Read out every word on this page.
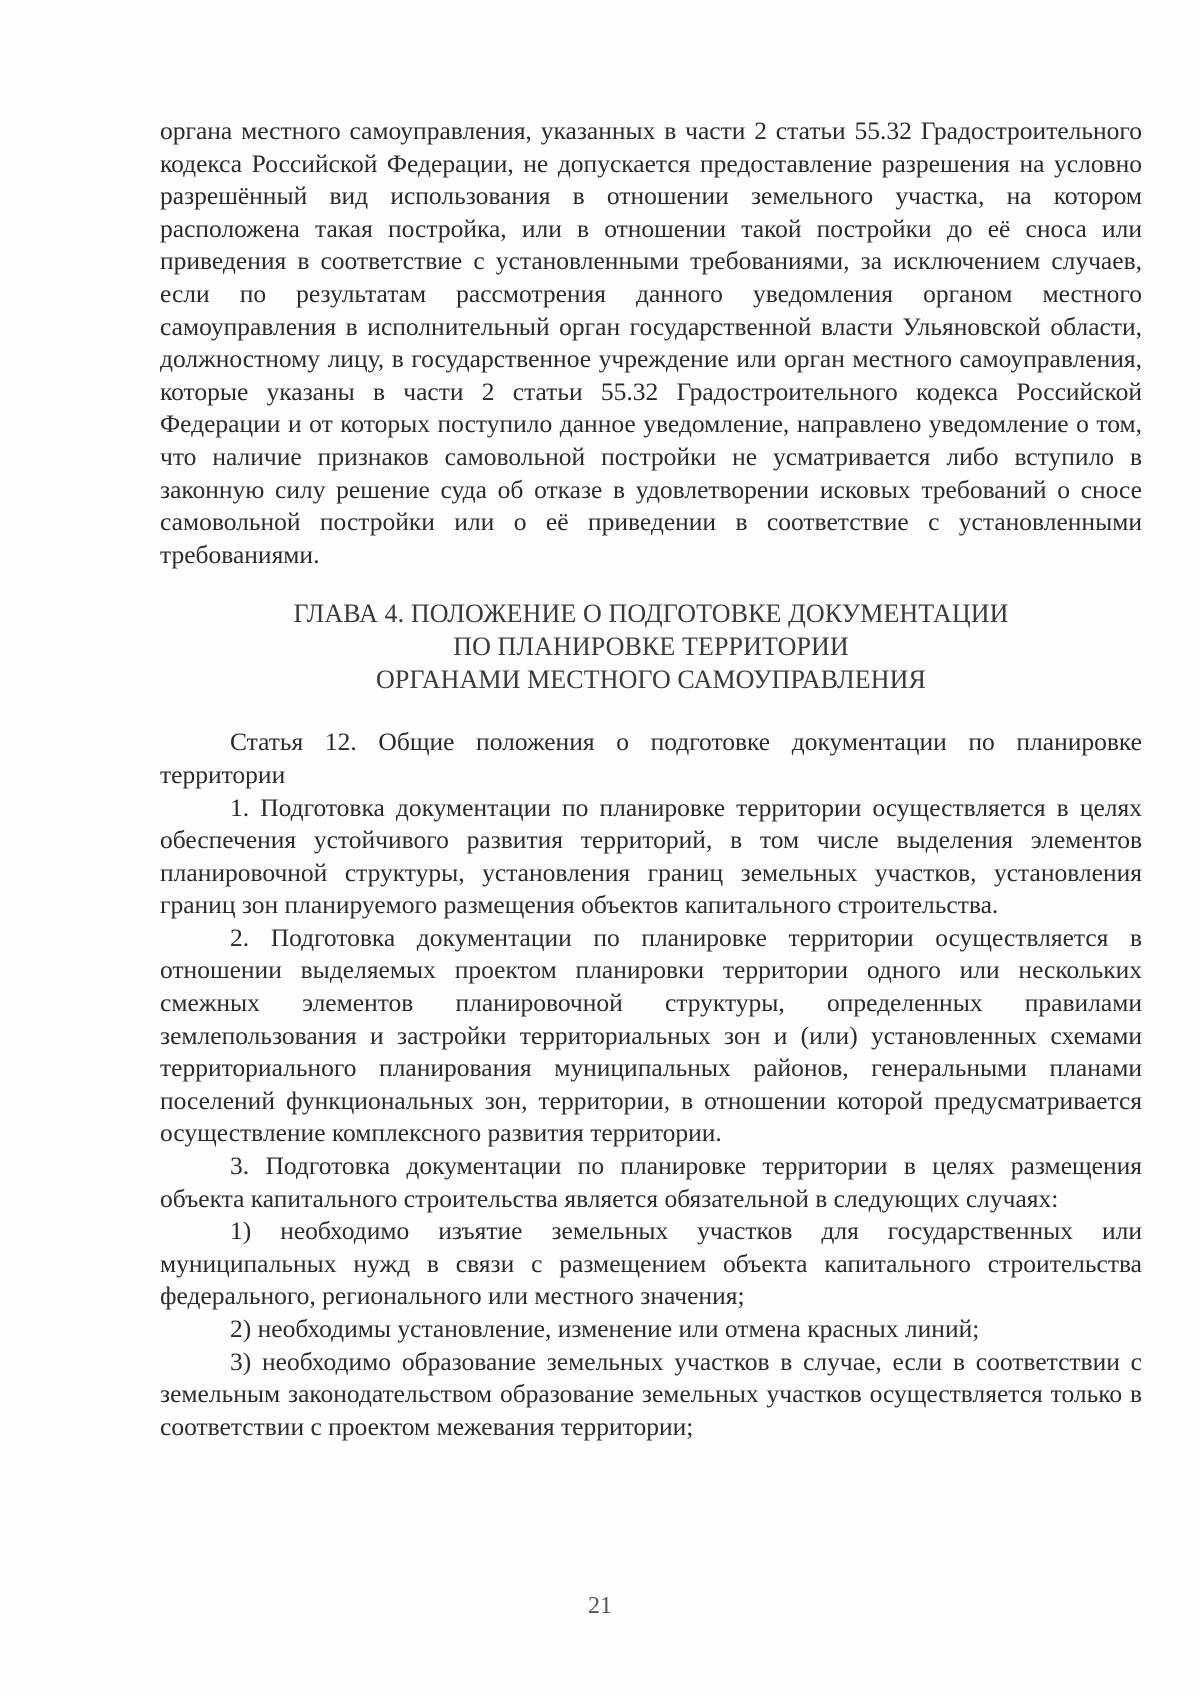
органа местного самоуправления, указанных в части 2 статьи 55.32 Градостроительного кодекса Российской Федерации, не допускается предоставление разрешения на условно разрешённый вид использования в отношении земельного участка, на котором расположена такая постройка, или в отношении такой постройки до её сноса или приведения в соответствие с установленными требованиями, за исключением случаев, если по результатам рассмотрения данного уведомления органом местного самоуправления в исполнительный орган государственной власти Ульяновской области, должностному лицу, в государственное учреждение или орган местного самоуправления, которые указаны в части 2 статьи 55.32 Градостроительного кодекса Российской Федерации и от которых поступило данное уведомление, направлено уведомление о том, что наличие признаков самовольной постройки не усматривается либо вступило в законную силу решение суда об отказе в удовлетворении исковых требований о сносе самовольной постройки или о её приведении в соответствие с установленными требованиями.

ГЛАВА 4. ПОЛОЖЕНИЕ О ПОДГОТОВКЕ ДОКУМЕНТАЦИИ
ПО ПЛАНИРОВКЕ ТЕРРИТОРИИ
ОРГАНАМИ МЕСТНОГО САМОУПРАВЛЕНИЯ

Статья 12. Общие положения о подготовке документации по планировке территории

1. Подготовка документации по планировке территории осуществляется в целях обеспечения устойчивого развития территорий, в том числе выделения элементов планировочной структуры, установления границ земельных участков, установления границ зон планируемого размещения объектов капитального строительства.

2. Подготовка документации по планировке территории осуществляется в отношении выделяемых проектом планировки территории одного или нескольких смежных элементов планировочной структуры, определенных правилами землепользования и застройки территориальных зон и (или) установленных схемами территориального планирования муниципальных районов, генеральными планами поселений функциональных зон, территории, в отношении которой предусматривается осуществление комплексного развития территории.

3. Подготовка документации по планировке территории в целях размещения объекта капитального строительства является обязательной в следующих случаях:

1) необходимо изъятие земельных участков для государственных или муниципальных нужд в связи с размещением объекта капитального строительства федерального, регионального или местного значения;

2) необходимы установление, изменение или отмена красных линий;

3) необходимо образование земельных участков в случае, если в соответствии с земельным законодательством образование земельных участков осуществляется только в соответствии с проектом межевания территории;

21
